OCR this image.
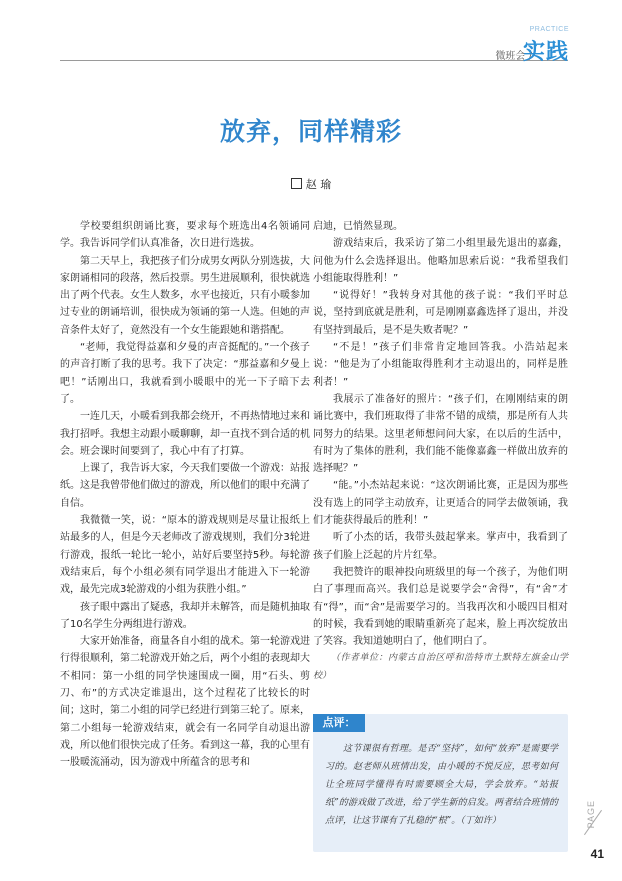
微班会 /
PRACTICE
实践
放弃，同样精彩
赵 瑜

学校要组织朗诵比赛，要求每个班选出4名领诵同学。我告诉同学们认真准备，次日进行选拔。

第二天早上，我把孩子们分成男女两队分别选拔，大家朗诵相同的段落，然后投票。男生进展顺利，很快就选出了两个代表。女生人数多，水平也接近，只有小暖参加过专业的朗诵培训，很快成为领诵的第一人选。但她的声音条件太好了，竟然没有一个女生能跟她和谐搭配。

“老师，我觉得益嘉和夕曼的声音挺配的。”一个孩子的声音打断了我的思考。我下了决定：“那益嘉和夕曼上吧！”话刚出口，我就看到小暖眼中的光一下子暗下去了。

一连几天，小暖看到我都会绕开，不再热情地过来和我打招呼。我想主动跟小暖聊聊，却一直找不到合适的机会。班会课时间要到了，我心中有了打算。

上课了，我告诉大家，今天我们要做一个游戏：站报纸。这是我曾带他们做过的游戏，所以他们的眼中充满了自信。

我微微一笑，说：“原本的游戏规则是尽量让报纸上站最多的人，但是今天老师改了游戏规则，我们分3轮进行游戏，报纸一轮比一轮小，站好后要坚持5秒。每轮游戏结束后，每个小组必须有同学退出才能进入下一轮游戏，最先完成3轮游戏的小组为获胜小组。”

孩子眼中露出了疑惑，我却并未解答，而是随机抽取了10名学生分两组进行游戏。

大家开始准备，商量各自小组的战术。第一轮游戏进行得很顺利，第二轮游戏开始之后，两个小组的表现却大不相同：第一小组的同学快速围成一圈，用“石头、剪刀、布”的方式决定谁退出，这个过程花了比较长的时间；这时，第二小组的同学已经进行到第三轮了。原来，第二小组每一轮游戏结束，就会有一名同学自动退出游戏，所以他们很快完成了任务。看到这一幕，我的心里有一股暖流涌动，因为游戏中所蕴含的思考和

启迪，已悄然显现。

游戏结束后，我采访了第二小组里最先退出的嘉鑫，问他为什么会选择退出。他略加思索后说：“我希望我们小组能取得胜利！”

“说得好！”我转身对其他的孩子说：“我们平时总说，坚持到底就是胜利，可是刚刚嘉鑫选择了退出，并没有坚持到最后，是不是失败者呢？”

“不是！”孩子们非常肯定地回答我。小浩站起来说：“他是为了小组能取得胜利才主动退出的，同样是胜利者！”

我展示了准备好的照片：“孩子们，在刚刚结束的朗诵比赛中，我们班取得了非常不错的成绩，那是所有人共同努力的结果。这里老师想问问大家，在以后的生活中，有时为了集体的胜利，我们能不能像嘉鑫一样做出放弃的选择呢？”

“能。”小杰站起来说：“这次朗诵比赛，正是因为那些没有选上的同学主动放弃，让更适合的同学去做领诵，我们才能获得最后的胜利！”

听了小杰的话，我带头鼓起掌来。掌声中，我看到了孩子们脸上泛起的片片红晕。

我把赞许的眼神投向班级里的每一个孩子，为他们明白了事理而高兴。我们总是说要学会“舍得”，有“舍”才有“得”，而“舍”是需要学习的。当我再次和小暖四目相对的时候，我看到她的眼睛重新亮了起来，脸上再次绽放出了笑容。我知道她明白了，他们明白了。

（作者单位：内蒙古自治区呼和浩特市土默特左旗金山学校）

点评：
这节课很有哲理。是否“坚持”，如何“放弃”是需要学习的。赵老师从班情出发，由小暖的不悦反应，思考如何让全班同学懂得有时需要顾全大局，学会放弃。“站报纸”的游戏做了改进，给了学生新的启发。两者结合班情的点评，让这节课有了扎稳的“根”。（丁如许）	PAGE
41
